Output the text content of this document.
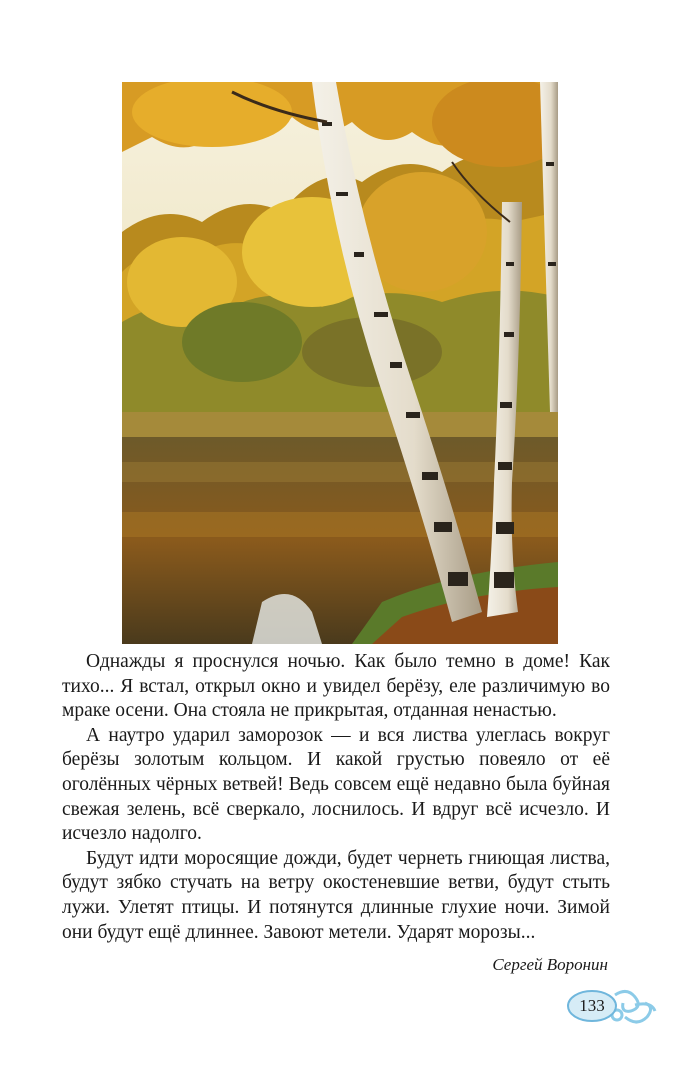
Однажды я проснулся ночью. Как было темно в доме! Как тихо... Я встал, открыл окно и увидел берёзу, еле различимую во мраке осени. Она стояла не прикрытая, отданная ненастью.

А наутро ударил заморозок — и вся листва улеглась вокруг берёзы золотым кольцом. И какой грустью повеяло от её оголённых чёрных ветвей! Ведь совсем ещё недавно была буйная свежая зелень, всё сверкало, лоснилось. И вдруг всё исчезло. И исчезло надолго.

Будут идти моросящие дожди, будет чернеть гниющая листва, будут зябко стучать на ветру окостеневшие ветви, будут стыть лужи. Улетят птицы. И потянутся длинные глухие ночи. Зимой они будут ещё длиннее. Завоют метели. Ударят морозы...

Сергей Воронин
133
